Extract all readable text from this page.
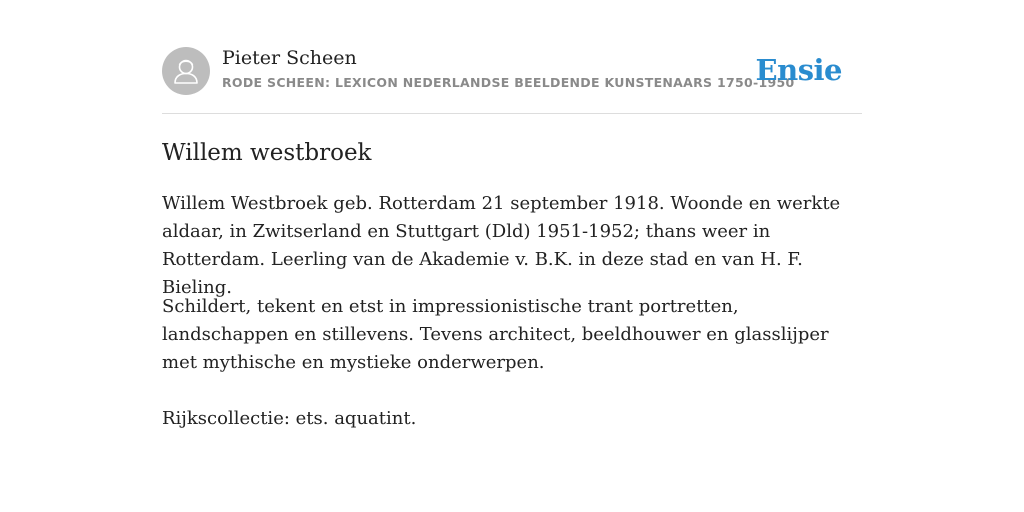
Pieter Scheen
RODE SCHEEN: LEXICON NEDERLANDSE BEELDENDE KUNSTENAARS 1750-1950
Ensie
Willem westbroek

Willem Westbroek geb. Rotterdam 21 september 1918. Woonde en werkte aldaar, in Zwitserland en Stuttgart (Dld) 1951-1952; thans weer in Rotterdam. Leerling van de Akademie v. B.K. in deze stad en van H. F. Bieling.

Schildert, tekent en etst in impressionistische trant portretten, landschappen en stillevens. Tevens architect, beeldhouwer en glasslijper met mythische en mystieke onderwerpen.

Rijkscollectie: ets. aquatint.
